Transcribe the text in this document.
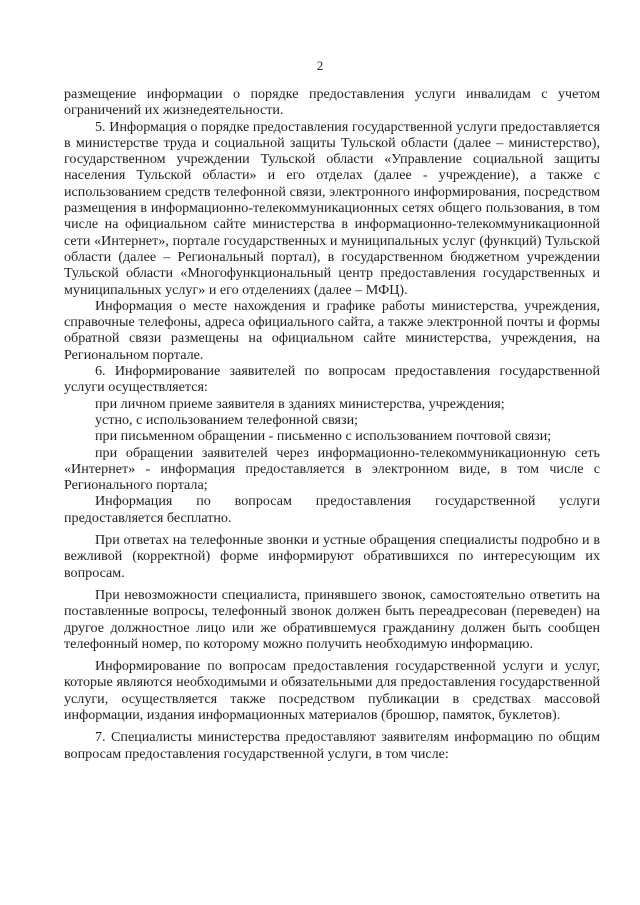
2

размещение информации о порядке предоставления услуги инвалидам с учетом ограничений их жизнедеятельности.

5. Информация о порядке предоставления государственной услуги предоставляется в министерстве труда и социальной защиты Тульской области (далее – министерство), государственном учреждении Тульской области «Управление социальной защиты населения Тульской области» и его отделах (далее - учреждение), а также с использованием средств телефонной связи, электронного информирования, посредством размещения в информационно-телекоммуникационных сетях общего пользования, в том числе на официальном сайте министерства в информационно-телекоммуникационной сети «Интернет», портале государственных и муниципальных услуг (функций) Тульской области (далее – Региональный портал), в государственном бюджетном учреждении Тульской области «Многофункциональный центр предоставления государственных и муниципальных услуг» и его отделениях (далее – МФЦ).

Информация о месте нахождения и графике работы министерства, учреждения, справочные телефоны, адреса официального сайта, а также электронной почты и формы обратной связи размещены на официальном сайте министерства, учреждения, на Региональном портале.

6. Информирование заявителей по вопросам предоставления государственной услуги осуществляется:

при личном приеме заявителя в зданиях министерства, учреждения;

устно, с использованием телефонной связи;

при письменном обращении - письменно с использованием почтовой связи;

при обращении заявителей через информационно-телекоммуникационную сеть «Интернет» - информация предоставляется в электронном виде, в том числе с Регионального портала;

Информация по вопросам предоставления государственной услуги предоставляется бесплатно.

При ответах на телефонные звонки и устные обращения специалисты подробно и в вежливой (корректной) форме информируют обратившихся по интересующим их вопросам.

При невозможности специалиста, принявшего звонок, самостоятельно ответить на поставленные вопросы, телефонный звонок должен быть переадресован (переведен) на другое должностное лицо или же обратившемуся гражданину должен быть сообщен телефонный номер, по которому можно получить необходимую информацию.

Информирование по вопросам предоставления государственной услуги и услуг, которые являются необходимыми и обязательными для предоставления государственной услуги, осуществляется также посредством публикации в средствах массовой информации, издания информационных материалов (брошюр, памяток, буклетов).

7. Специалисты министерства предоставляют заявителям информацию по общим вопросам предоставления государственной услуги, в том числе:
